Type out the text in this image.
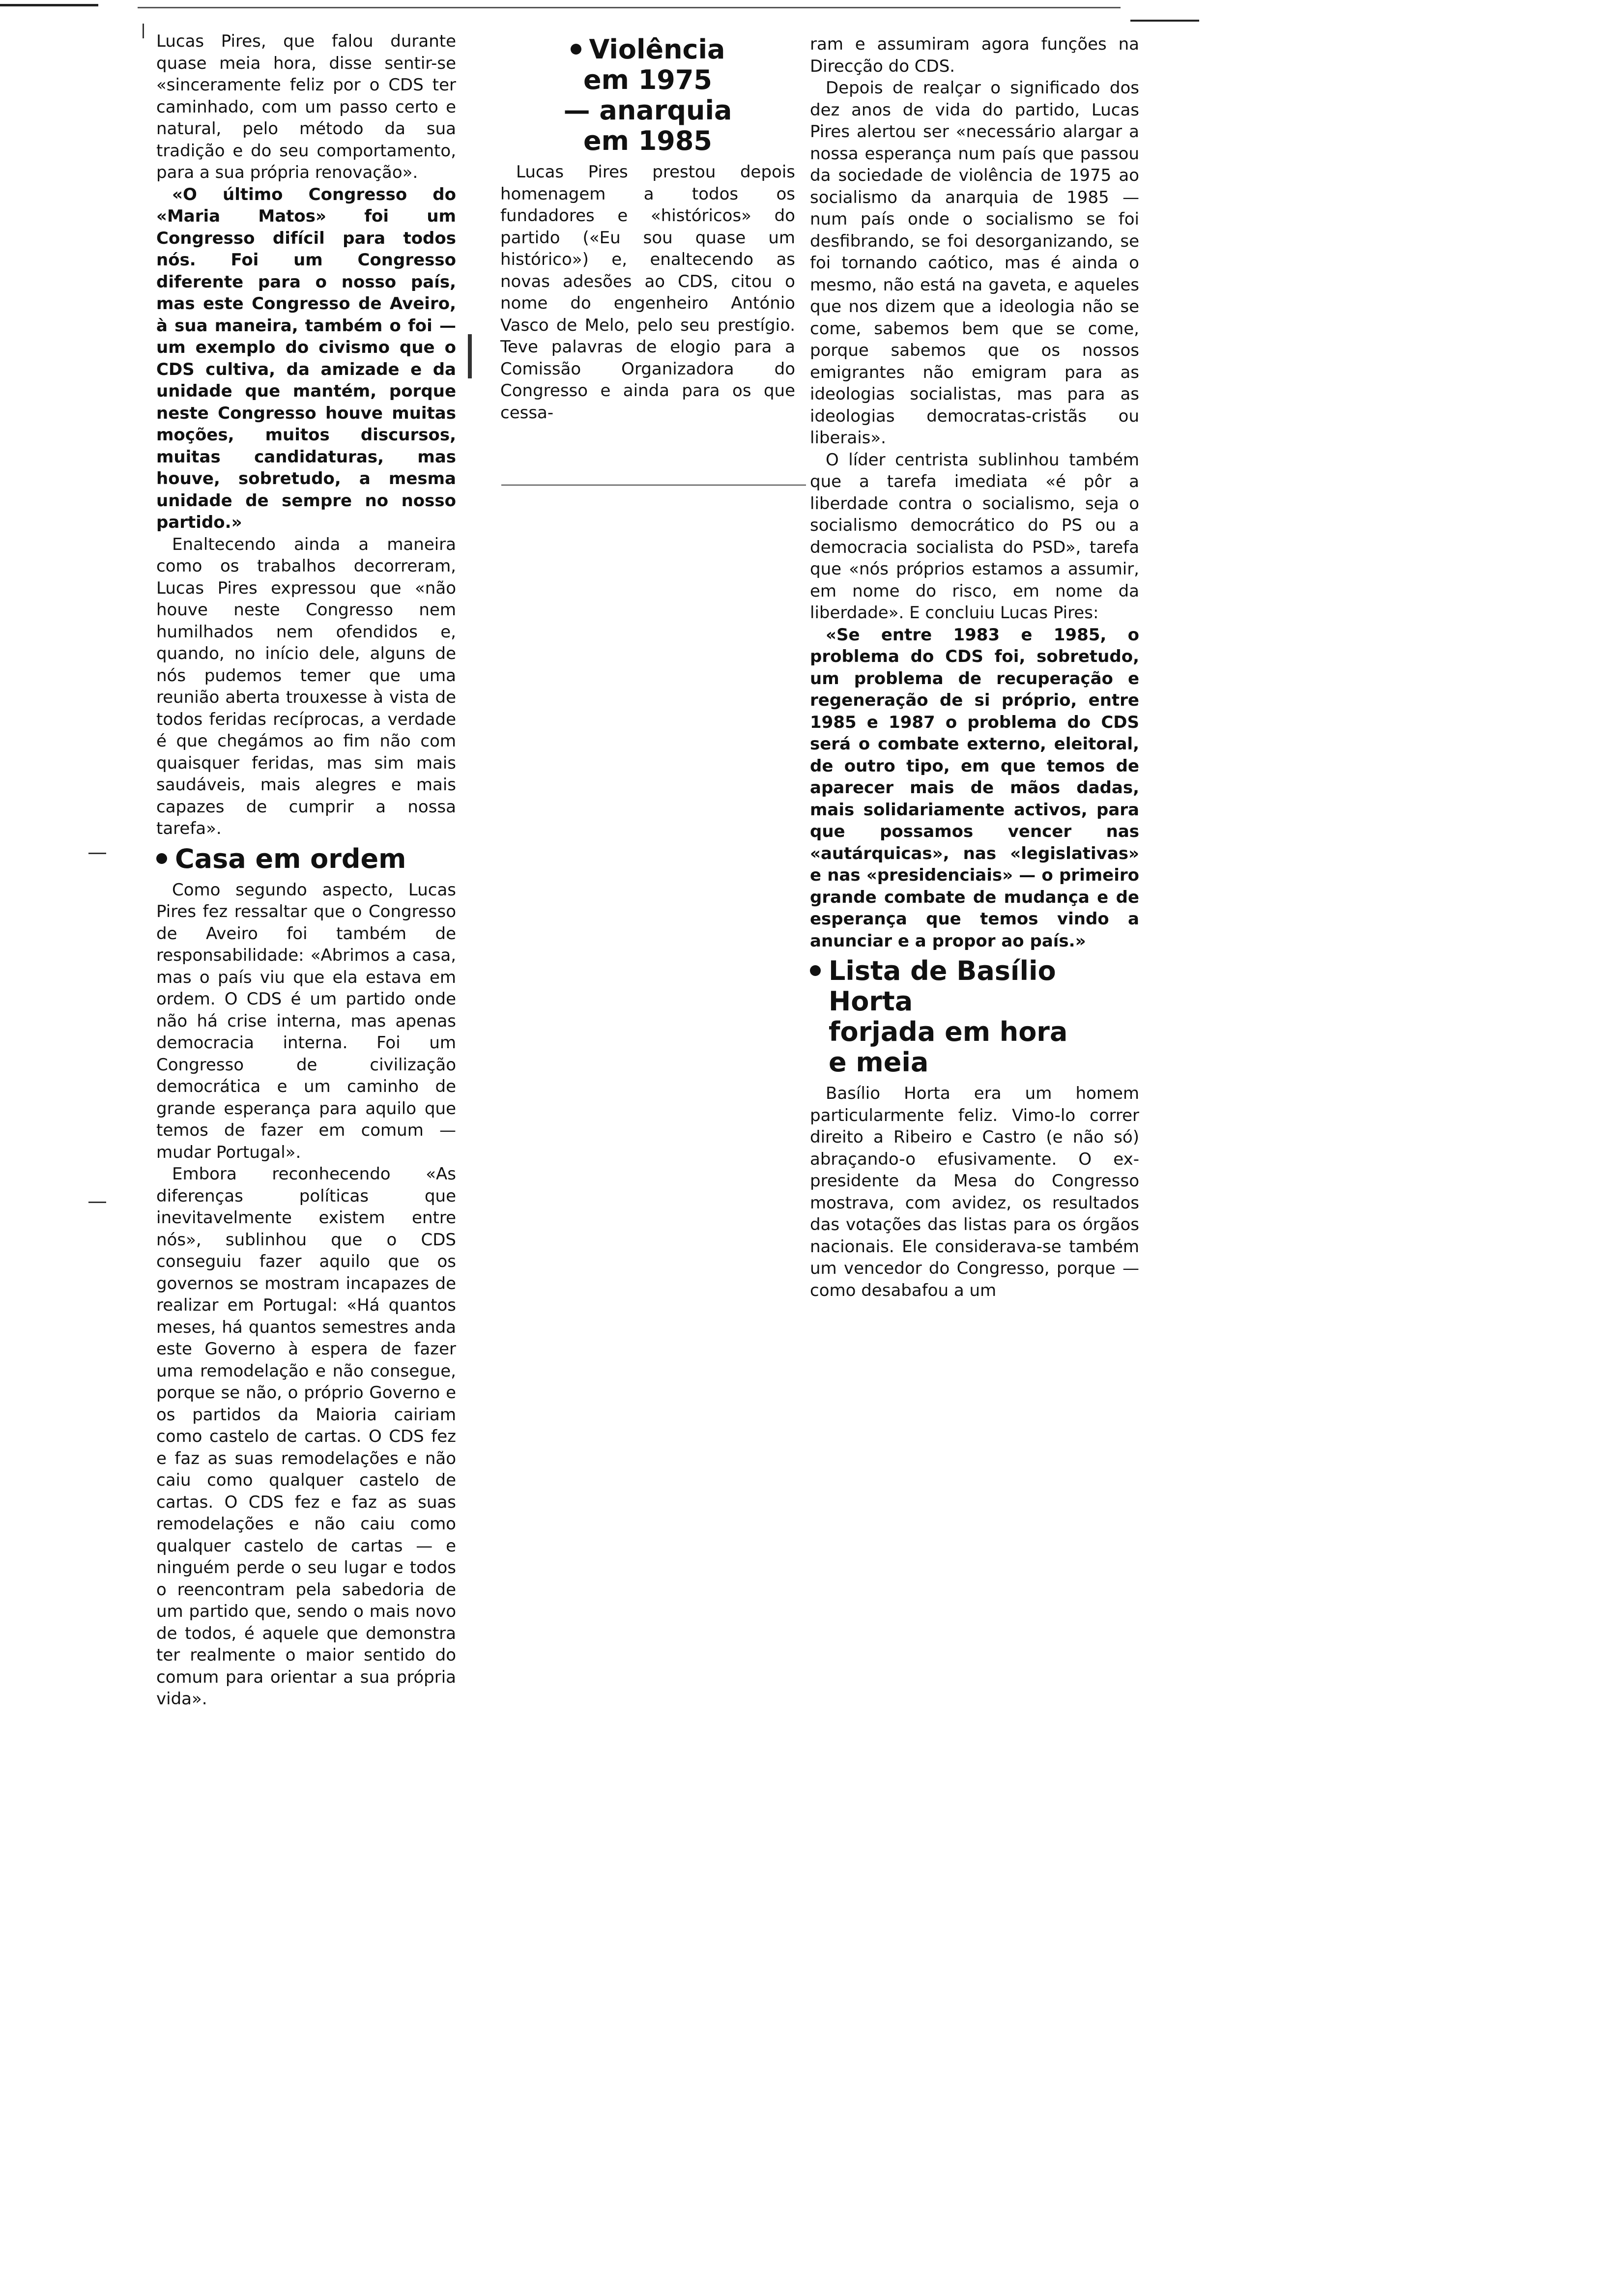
Lucas Pires, que falou durante quase meia hora, disse sentir-se «sinceramente feliz por o CDS ter caminhado, com um passo certo e natural, pelo método da sua tradição e do seu comportamento, para a sua própria renovação».

«O último Congresso do «Maria Matos» foi um Congresso difícil para todos nós. Foi um Congresso diferente para o nosso país, mas este Congresso de Aveiro, à sua maneira, também o foi — um exemplo do civismo que o CDS cultiva, da amizade e da unidade que mantém, porque neste Congresso houve muitas moções, muitos discursos, muitas candidaturas, mas houve, sobretudo, a mesma unidade de sempre no nosso partido.»

Enaltecendo ainda a maneira como os trabalhos decorreram, Lucas Pires expressou que «não houve neste Congresso nem humilhados nem ofendidos e, quando, no início dele, alguns de nós pudemos temer que uma reunião aberta trouxesse à vista de todos feridas recíprocas, a verdade é que chegámos ao fim não com quaisquer feridas, mas sim mais saudáveis, mais alegres e mais capazes de cumprir a nossa tarefa».

Casa em ordem

Como segundo aspecto, Lucas Pires fez ressaltar que o Congresso de Aveiro foi também de responsabilidade: «Abrimos a casa, mas o país viu que ela estava em ordem. O CDS é um partido onde não há crise interna, mas apenas democracia interna. Foi um Congresso de civilização democrática e um caminho de grande esperança para aquilo que temos de fazer em comum — mudar Portugal».

Embora reconhecendo «As diferenças políticas que inevitavelmente existem entre nós», sublinhou que o CDS conseguiu fazer aquilo que os governos se mostram incapazes de realizar em Portugal: «Há quantos meses, há quantos semestres anda este Governo à espera de fazer uma remodelação e não consegue, porque se não, o próprio Governo e os partidos da Maioria cairiam como castelo de cartas. O CDS fez e faz as suas remodelações e não caiu como qualquer castelo de cartas. O CDS fez e faz as suas remodelações e não caiu como qualquer castelo de cartas — e ninguém perde o seu lugar e todos o reencontram pela sabedoria de um partido que, sendo o mais novo de todos, é aquele que demonstra ter realmente o maior sentido do comum para orientar a sua própria vida».

Violência
em 1975
— anarquia
em 1985

Lucas Pires prestou depois homenagem a todos os fundadores e «históricos» do partido («Eu sou quase um histórico») e, enaltecendo as novas adesões ao CDS, citou o nome do engenheiro António Vasco de Melo, pelo seu prestígio. Teve palavras de elogio para a Comissão Organizadora do Congresso e ainda para os que cessa-

ram e assumiram agora funções na Direcção do CDS.

Depois de realçar o significado dos dez anos de vida do partido, Lucas Pires alertou ser «necessário alargar a nossa esperança num país que passou da sociedade de violência de 1975 ao socialismo da anarquia de 1985 — num país onde o socialismo se foi desfibrando, se foi desorganizando, se foi tornando caótico, mas é ainda o mesmo, não está na gaveta, e aqueles que nos dizem que a ideologia não se come, sabemos bem que se come, porque sabemos que os nossos emigrantes não emigram para as ideologias socialistas, mas para as ideologias democratas-cristãs ou liberais».

O líder centrista sublinhou também que a tarefa imediata «é pôr a liberdade contra o socialismo, seja o socialismo democrático do PS ou a democracia socialista do PSD», tarefa que «nós próprios estamos a assumir, em nome do risco, em nome da liberdade». E concluiu Lucas Pires:

«Se entre 1983 e 1985, o problema do CDS foi, sobretudo, um problema de recuperação e regeneração de si próprio, entre 1985 e 1987 o problema do CDS será o combate externo, eleitoral, de outro tipo, em que temos de aparecer mais de mãos dadas, mais solidariamente activos, para que possamos vencer nas «autárquicas», nas «legislativas» e nas «presidenciais» — o primeiro grande combate de mudança e de esperança que temos vindo a anunciar e a propor ao país.»

Lista de Basílio
Horta
forjada em hora
e meia

Basílio Horta era um homem particularmente feliz. Vimo-lo correr direito a Ribeiro e Castro (e não só) abraçando-o efusivamente. O ex-presidente da Mesa do Congresso mostrava, com avidez, os resultados das votações das listas para os órgãos nacionais. Ele considerava-se também um vencedor do Congresso, porque — como desabafou a um
